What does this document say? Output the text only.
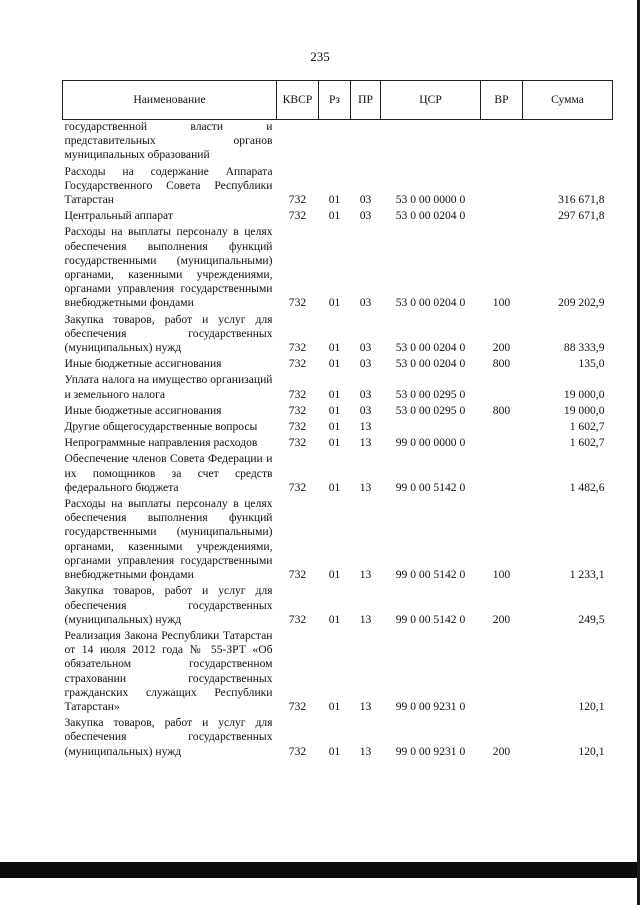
235
Наименование	КВСР	Рз	ПР	ЦСР	ВР	Сумма
государственной власти и представительных органов муниципальных образований						
Расходы на содержание Аппарата Государственного Совета Республики Татарстан	732	01	03	53 0 00 0000 0		316 671,8
Центральный аппарат	732	01	03	53 0 00 0204 0		297 671,8
Расходы на выплаты персоналу в целях обеспечения выполнения функций государственными (муниципальными) органами, казенными учреждениями, органами управления государственными внебюджетными фондами	732	01	03	53 0 00 0204 0	100	209 202,9
Закупка товаров, работ и услуг для обеспечения государственных (муниципальных) нужд	732	01	03	53 0 00 0204 0	200	88 333,9
Иные бюджетные ассигнования	732	01	03	53 0 00 0204 0	800	135,0
Уплата налога на имущество организаций и земельного налога	732	01	03	53 0 00 0295 0		19 000,0
Иные бюджетные ассигнования	732	01	03	53 0 00 0295 0	800	19 000,0
Другие общегосударственные вопросы	732	01	13			1 602,7
Непрограммные направления расходов	732	01	13	99 0 00 0000 0		1 602,7
Обеспечение членов Совета Федерации и их помощников за счет средств федерального бюджета	732	01	13	99 0 00 5142 0		1 482,6
Расходы на выплаты персоналу в целях обеспечения выполнения функций государственными (муниципальными) органами, казенными учреждениями, органами управления государственными внебюджетными фондами	732	01	13	99 0 00 5142 0	100	1 233,1
Закупка товаров, работ и услуг для обеспечения государственных (муниципальных) нужд	732	01	13	99 0 00 5142 0	200	249,5
Реализация Закона Республики Татарстан от 14 июля 2012 года № 55-ЗРТ «Об обязательном государственном страховании государственных гражданских служащих Республики Татарстан»	732	01	13	99 0 00 9231 0		120,1
Закупка товаров, работ и услуг для обеспечения государственных (муниципальных) нужд	732	01	13	99 0 00 9231 0	200	120,1
